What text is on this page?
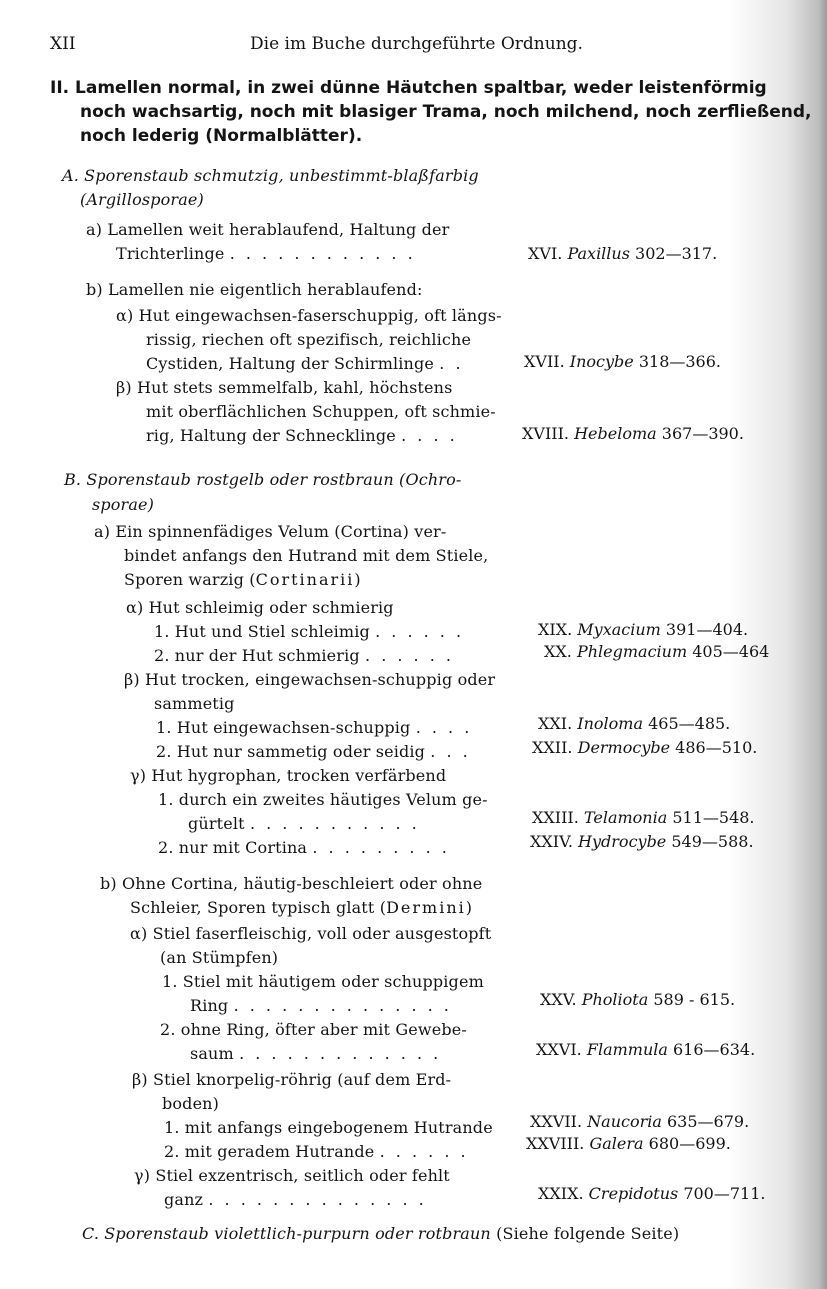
XII	Die im Buche durchgeführte Ordnung.
II. Lamellen normal, in zwei dünne Häutchen spaltbar, weder leistenförmig
noch wachsartig, noch mit blasiger Trama, noch milchend, noch zerfließend,
noch lederig (Normalblätter).
A. Sporenstaub schmutzig, unbestimmt-blaßfarbig
(Argillosporae)
a) Lamellen weit herablaufend, Haltung der
Trichterlinge . . . . . . . . . . . .
b) Lamellen nie eigentlich herablaufend:
α) Hut eingewachsen-faserschuppig, oft längs-
rissig, riechen oft spezifisch, reichliche
Cystiden, Haltung der Schirmlinge . .
β) Hut stets semmelfalb, kahl, höchstens
mit oberflächlichen Schuppen, oft schmie-
rig, Haltung der Schnecklinge . . . .
B. Sporenstaub rostgelb oder rostbraun (Ochro-
sporae)
a) Ein spinnenfädiges Velum (Cortina) ver-
bindet anfangs den Hutrand mit dem Stiele,
Sporen warzig (Cortinarii)
α) Hut schleimig oder schmierig
1. Hut und Stiel schleimig . . . . . .
2. nur der Hut schmierig . . . . . .
β) Hut trocken, eingewachsen-schuppig oder
sammetig
1. Hut eingewachsen-schuppig . . . .
2. Hut nur sammetig oder seidig . . .
γ) Hut hygrophan, trocken verfärbend
1. durch ein zweites häutiges Velum ge-
gürtelt . . . . . . . . . . .
2. nur mit Cortina . . . . . . . . .
b) Ohne Cortina, häutig-beschleiert oder ohne
Schleier, Sporen typisch glatt (Dermini)
α) Stiel faserfleischig, voll oder ausgestopft
(an Stümpfen)
1. Stiel mit häutigem oder schuppigem
Ring . . . . . . . . . . . . . .
2. ohne Ring, öfter aber mit Gewebe-
saum . . . . . . . . . . . . .
β) Stiel knorpelig-röhrig (auf dem Erd-
boden)
1. mit anfangs eingebogenem Hutrande
2. mit geradem Hutrande . . . . . .
γ) Stiel exzentrisch, seitlich oder fehlt
ganz . . . . . . . . . . . . . .
C. Sporenstaub violettlich-purpurn oder rotbraun (Siehe folgende Seite)
XVI. Paxillus 302—317.
XVII. Inocybe 318—366.
XVIII. Hebeloma 367—390.
XIX. Myxacium 391—404.
XX. Phlegmacium 405—464
XXI. Inoloma 465—485.
XXII. Dermocybe 486—510.
XXIII. Telamonia 511—548.
XXIV. Hydrocybe 549—588.
XXV. Pholiota 589 - 615.
XXVI. Flammula 616—634.
XXVII. Naucoria 635—679.
XXVIII. Galera 680—699.
XXIX. Crepidotus 700—711.
